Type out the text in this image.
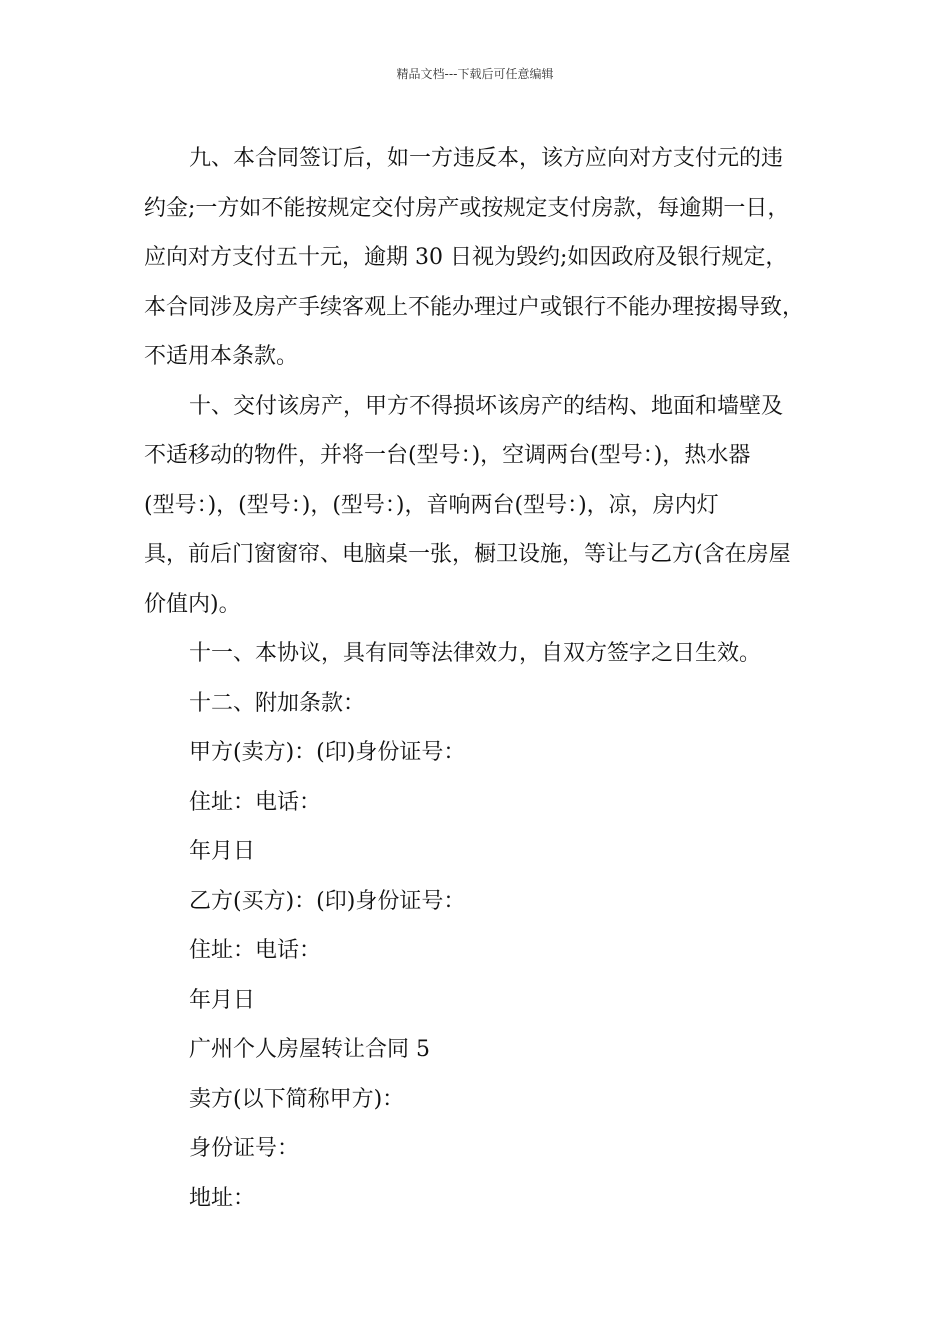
精品文档---下载后可任意编辑
九、本合同签订后，如一方违反本，该方应向对方支付元的违
约金;一方如不能按规定交付房产或按规定支付房款，每逾期一日，
应向对方支付五十元，逾期 30 日视为毁约;如因政府及银行规定，
本合同涉及房产手续客观上不能办理过户或银行不能办理按揭导致，
不适用本条款。
十、交付该房产，甲方不得损坏该房产的结构、地面和墙壁及
不适移动的物件，并将一台(型号：)，空调两台(型号：)，热水器
(型号：)，(型号：)，(型号：)，音响两台(型号：)，凉，房内灯
具，前后门窗窗帘、电脑桌一张，橱卫设施，等让与乙方(含在房屋
价值内)。
十一、本协议，具有同等法律效力，自双方签字之日生效。
十二、附加条款：
甲方(卖方)：(印)身份证号：
住址：电话：
年月日
乙方(买方)：(印)身份证号：
住址：电话：
年月日
广州个人房屋转让合同 5
卖方(以下简称甲方)：
身份证号：
地址：
